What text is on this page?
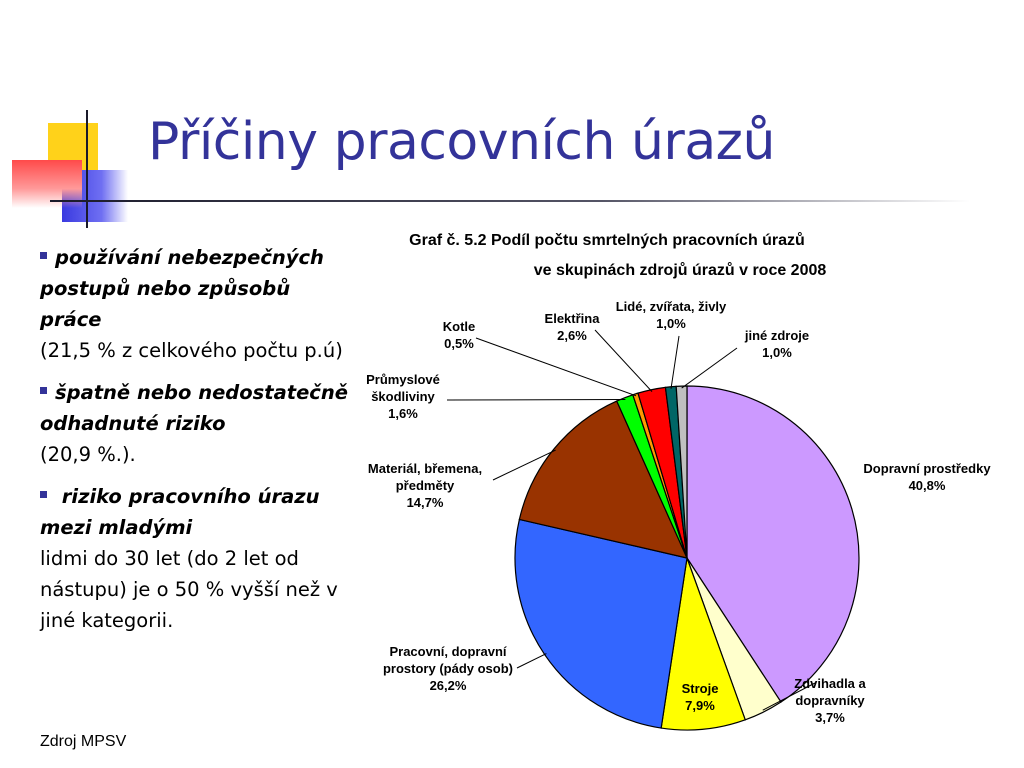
Příčiny pracovních úrazů

používání nebezpečných postupů nebo způsobů práce
(21,5 % z celkového počtu p.ú)

špatně nebo nedostatečně odhadnuté riziko
(20,9 %.).

riziko pracovního úrazu mezi mladými
lidmi do 30 let (do 2 let od nástupu) je o 50 % vyšší než v jiné kategorii.

Zdroj MPSV
Graf č. 5.2 Podíl počtu smrtelných pracovních úrazů
ve skupinách zdrojů úrazů v roce 2008
Dopravní prostředky
40,8%
Zdvihadla a
dopravníky
3,7%
Stroje
7,9%
Pracovní, dopravní
prostory (pády osob)
26,2%
Materiál, břemena,
předměty
14,7%
Průmyslové
škodliviny
1,6%
Kotle
0,5%
Elektřina
2,6%
Lidé, zvířata, živly
1,0%
jiné zdroje
1,0%
